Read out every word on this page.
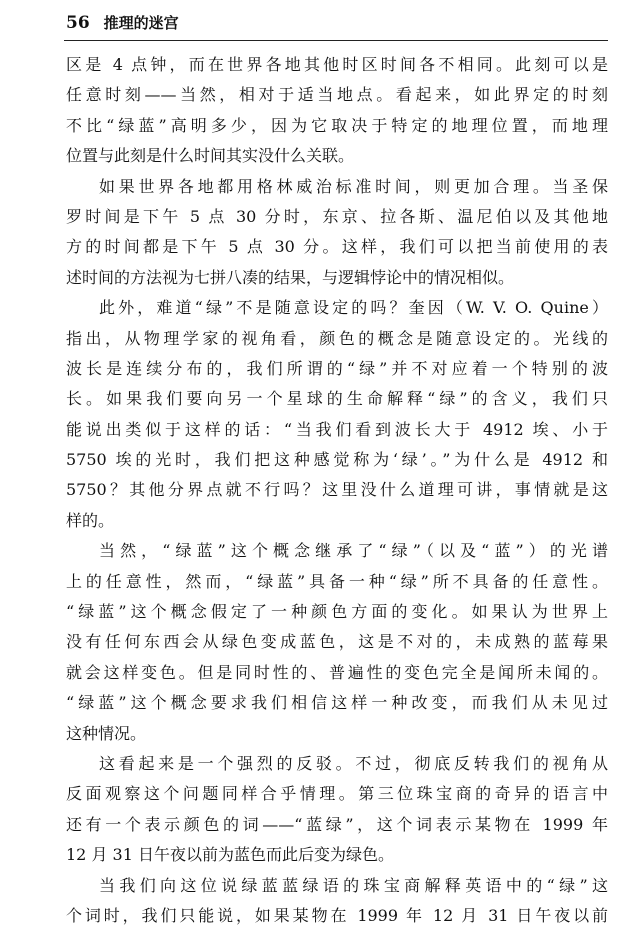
56 推理的迷宫
区是 4 点钟，而在世界各地其他时区时间各不相同。此刻可以是
任意时刻——当然，相对于适当地点。看起来，如此界定的时刻
不比“绿蓝”高明多少，因为它取决于特定的地理位置，而地理
位置与此刻是什么时间其实没什么关联。
如果世界各地都用格林威治标准时间，则更加合理。当圣保
罗时间是下午 5 点 30 分时，东京、拉各斯、温尼伯以及其他地
方的时间都是下午 5 点 30 分。这样，我们可以把当前使用的表
述时间的方法视为七拼八凑的结果，与逻辑悖论中的情况相似。
此外，难道“绿”不是随意设定的吗？奎因（W. V. O. Quine）
指出，从物理学家的视角看，颜色的概念是随意设定的。光线的
波长是连续分布的，我们所谓的“绿”并不对应着一个特别的波
长。如果我们要向另一个星球的生命解释“绿”的含义，我们只
能说出类似于这样的话：“当我们看到波长大于 4912 埃、小于
5750 埃的光时，我们把这种感觉称为‘绿’。”为什么是 4912 和
5750？其他分界点就不行吗？这里没什么道理可讲，事情就是这
样的。
当然，“绿蓝”这个概念继承了“绿”（以及“蓝”）的光谱
上的任意性，然而，“绿蓝”具备一种“绿”所不具备的任意性。
“绿蓝”这个概念假定了一种颜色方面的变化。如果认为世界上
没有任何东西会从绿色变成蓝色，这是不对的，未成熟的蓝莓果
就会这样变色。但是同时性的、普遍性的变色完全是闻所未闻的。
“绿蓝”这个概念要求我们相信这样一种改变，而我们从未见过
这种情况。
这看起来是一个强烈的反驳。不过，彻底反转我们的视角从
反面观察这个问题同样合乎情理。第三位珠宝商的奇异的语言中
还有一个表示颜色的词——“蓝绿”，这个词表示某物在 1999 年
12 月 31 日午夜以前为蓝色而此后变为绿色。
当我们向这位说绿蓝蓝绿语的珠宝商解释英语中的“绿”这
个词时，我们只能说，如果某物在 1999 年 12 月 31 日午夜以前
